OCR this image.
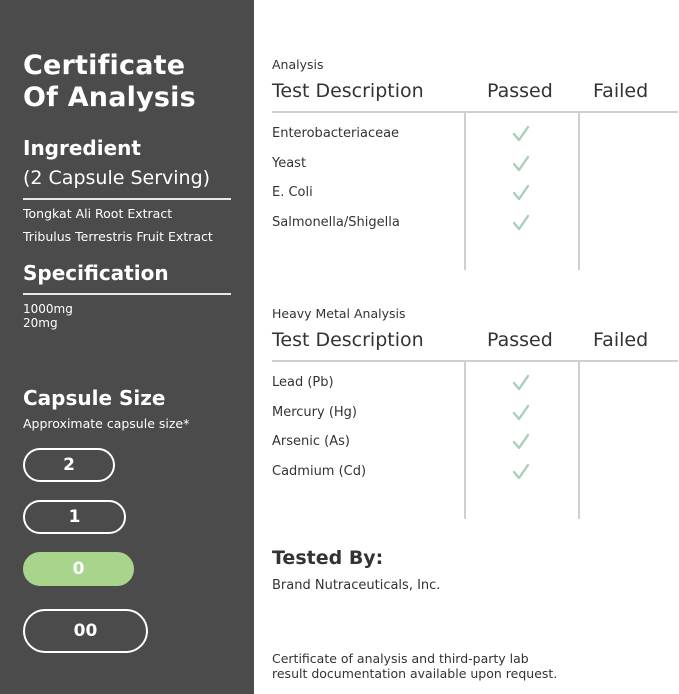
Certificate
Of Analysis
Ingredient
(2 Capsule Serving)
Tongkat Ali Root Extract
Tribulus Terrestris Fruit Extract
Specification
1000mg
20mg
Capsule Size
Approximate capsule size*
2
1
0
00
Analysis
Test Description	Passed Failed
Enterobacteriaceae
Yeast
E. Coli
Salmonella/Shigella
Heavy Metal Analysis
Test Description	Passed Failed
Lead (Pb)
Mercury (Hg)
Arsenic (As)
Cadmium (Cd)
Tested By:
Brand Nutraceuticals, Inc.
Certificate of analysis and third-party lab
result documentation available upon request.
